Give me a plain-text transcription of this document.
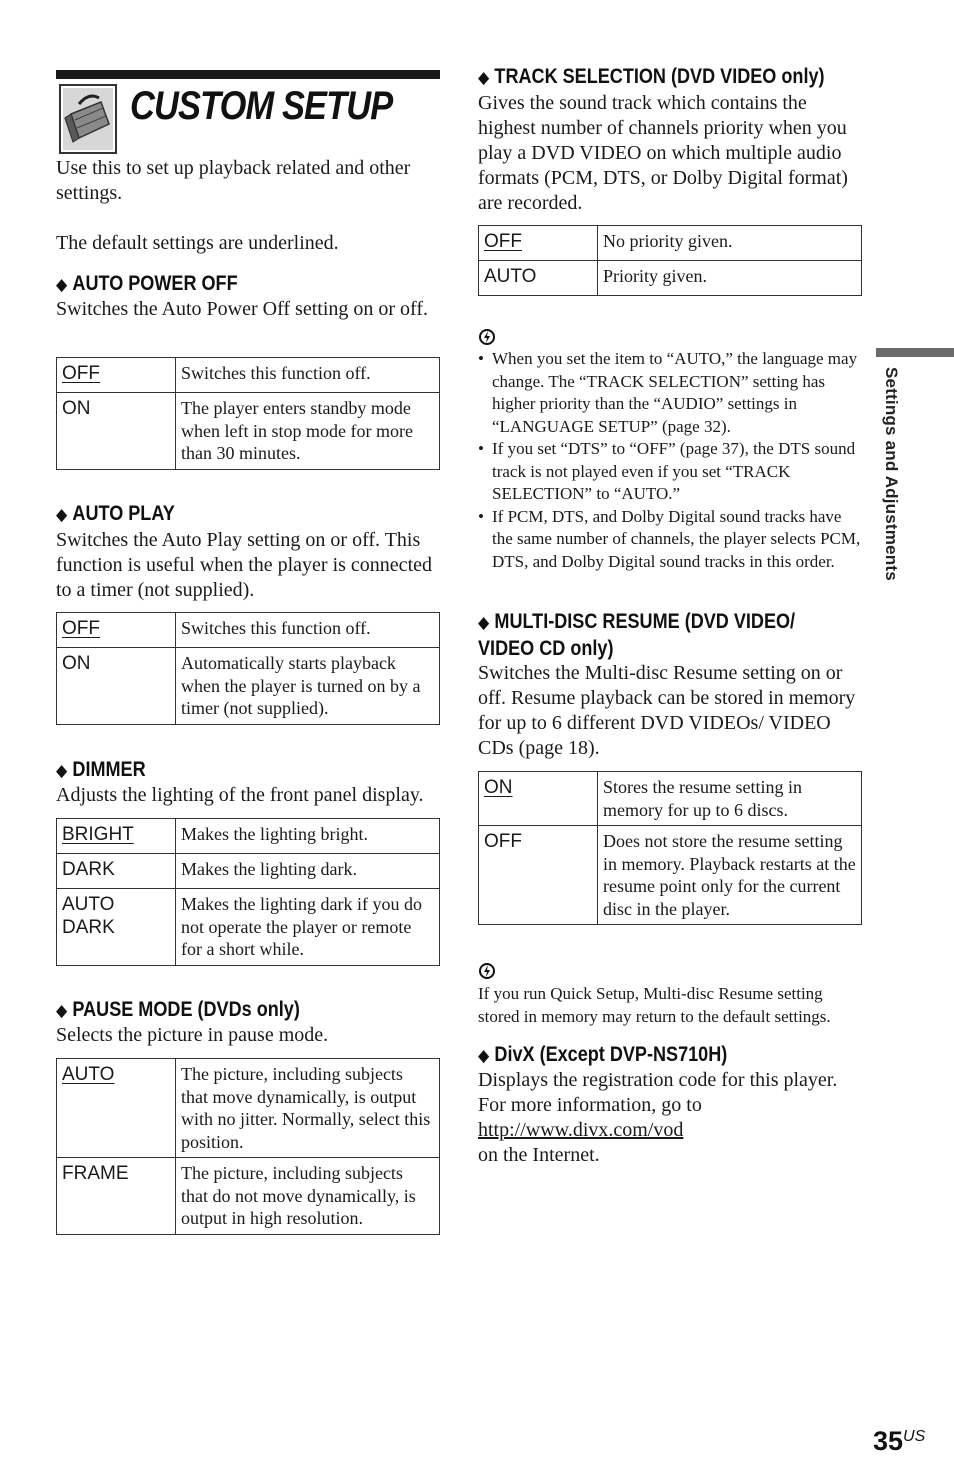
CUSTOM SETUP

Use this to set up playback related and other settings.

The default settings are underlined.

◆ AUTO POWER OFF

Switches the Auto Power Off setting on or off.

OFF	Switches this function off.
ON	The player enters standby mode when left in stop mode for more than 30 minutes.
◆ AUTO PLAY

Switches the Auto Play setting on or off. This function is useful when the player is connected to a timer (not supplied).

OFF	Switches this function off.
ON	Automatically starts playback when the player is turned on by a timer (not supplied).
◆ DIMMER

Adjusts the lighting of the front panel display.

BRIGHT	Makes the lighting bright.
DARK	Makes the lighting dark.
AUTO DARK	Makes the lighting dark if you do not operate the player or remote for a short while.
◆ PAUSE MODE (DVDs only)

Selects the picture in pause mode.

AUTO	The picture, including subjects that move dynamically, is output with no jitter. Normally, select this position.
FRAME	The picture, including subjects that do not move dynamically, is output in high resolution.
◆ TRACK SELECTION (DVD VIDEO only)

Gives the sound track which contains the highest number of channels priority when you play a DVD VIDEO on which multiple audio formats (PCM, DTS, or Dolby Digital format) are recorded.

OFF	No priority given.
AUTO	Priority given.
• When you set the item to “AUTO,” the language may change. The “TRACK SELECTION” setting has higher priority than the “AUDIO” settings in “LANGUAGE SETUP” (page 32).
• If you set “DTS” to “OFF” (page 37), the DTS sound track is not played even if you set “TRACK SELECTION” to “AUTO.”
• If PCM, DTS, and Dolby Digital sound tracks have the same number of channels, the player selects PCM, DTS, and Dolby Digital sound tracks in this order.
◆ MULTI-DISC RESUME (DVD VIDEO/
VIDEO CD only)

Switches the Multi-disc Resume setting on or off. Resume playback can be stored in memory for up to 6 different DVD VIDEOs/ VIDEO CDs (page 18).

ON	Stores the resume setting in memory for up to 6 discs.
OFF	Does not store the resume setting in memory. Playback restarts at the resume point only for the current disc in the player.

If you run Quick Setup, Multi-disc Resume setting stored in memory may return to the default settings.

◆ DivX (Except DVP-NS710H)

Displays the registration code for this player.
For more information, go to
http://www.divx.com/vod
on the Internet.

Settings and Adjustments
35US
